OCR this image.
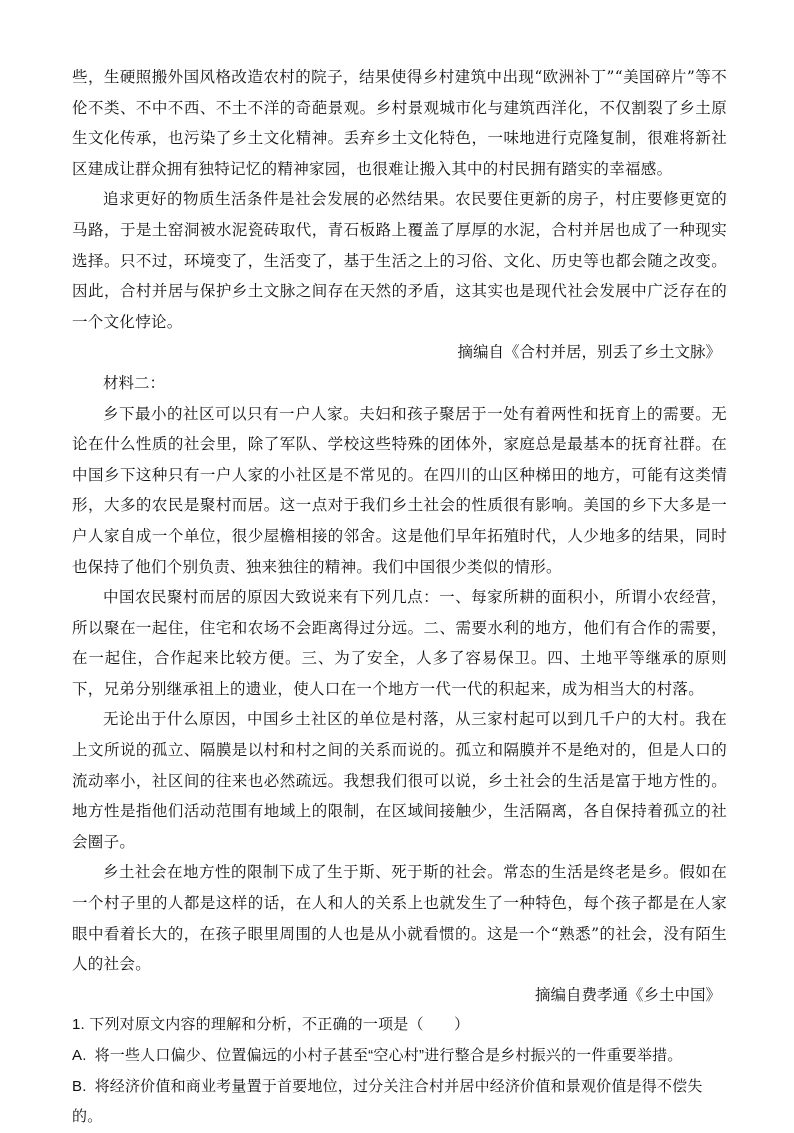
些，生硬照搬外国风格改造农村的院子，结果使得乡村建筑中出现“欧洲补丁”“美国碎片”等不伦不类、不中不西、不土不洋的奇葩景观。乡村景观城市化与建筑西洋化，不仅割裂了乡土原生文化传承，也污染了乡土文化精神。丢弃乡土文化特色，一味地进行克隆复制，很难将新社区建成让群众拥有独特记忆的精神家园，也很难让搬入其中的村民拥有踏实的幸福感。

追求更好的物质生活条件是社会发展的必然结果。农民要住更新的房子，村庄要修更宽的马路，于是土窑洞被水泥瓷砖取代，青石板路上覆盖了厚厚的水泥，合村并居也成了一种现实选择。只不过，环境变了，生活变了，基于生活之上的习俗、文化、历史等也都会随之改变。因此，合村并居与保护乡土文脉之间存在天然的矛盾，这其实也是现代社会发展中广泛存在的一个文化悖论。

摘编自《合村并居，别丢了乡土文脉》

材料二：

乡下最小的社区可以只有一户人家。夫妇和孩子聚居于一处有着两性和抚育上的需要。无论在什么性质的社会里，除了军队、学校这些特殊的团体外，家庭总是最基本的抚育社群。在中国乡下这种只有一户人家的小社区是不常见的。在四川的山区种梯田的地方，可能有这类情形，大多的农民是聚村而居。这一点对于我们乡土社会的性质很有影响。美国的乡下大多是一户人家自成一个单位，很少屋檐相接的邻舍。这是他们早年拓殖时代，人少地多的结果，同时也保持了他们个别负责、独来独往的精神。我们中国很少类似的情形。

中国农民聚村而居的原因大致说来有下列几点：一、每家所耕的面积小，所谓小农经营，所以聚在一起住，住宅和农场不会距离得过分远。二、需要水利的地方，他们有合作的需要，在一起住，合作起来比较方便。三、为了安全，人多了容易保卫。四、土地平等继承的原则下，兄弟分别继承祖上的遗业，使人口在一个地方一代一代的积起来，成为相当大的村落。

无论出于什么原因，中国乡土社区的单位是村落，从三家村起可以到几千户的大村。我在上文所说的孤立、隔膜是以村和村之间的关系而说的。孤立和隔膜并不是绝对的，但是人口的流动率小，社区间的往来也必然疏远。我想我们很可以说，乡土社会的生活是富于地方性的。地方性是指他们活动范围有地域上的限制，在区域间接触少，生活隔离，各自保持着孤立的社会圈子。

乡土社会在地方性的限制下成了生于斯、死于斯的社会。常态的生活是终老是乡。假如在一个村子里的人都是这样的话，在人和人的关系上也就发生了一种特色，每个孩子都是在人家眼中看着长大的，在孩子眼里周围的人也是从小就看惯的。这是一个“熟悉”的社会，没有陌生人的社会。

摘编自费孝通《乡土中国》

1. 下列对原文内容的理解和分析，不正确的一项是（　　）

A. 将一些人口偏少、位置偏远的小村子甚至“空心村”进行整合是乡村振兴的一件重要举措。

B. 将经济价值和商业考量置于首要地位，过分关注合村并居中经济价值和景观价值是得不偿失的。
